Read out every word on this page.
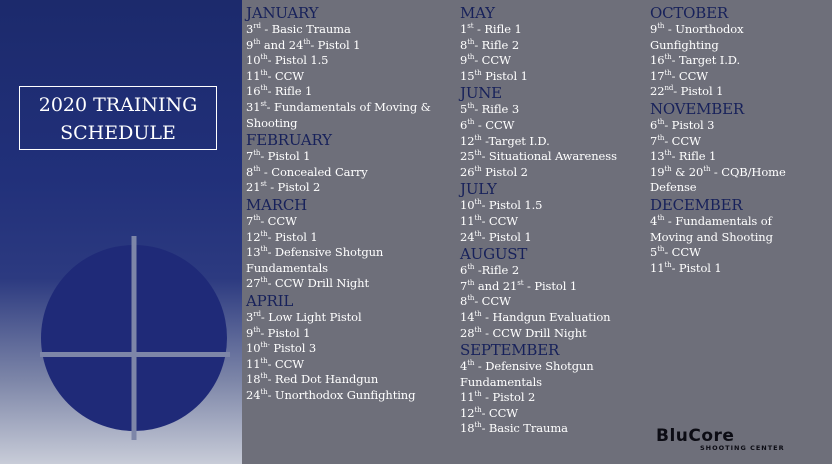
2020 TRAINING
SCHEDULE
JANUARY
3rd - Basic Trauma
9th and 24th- Pistol 1
10th- Pistol 1.5
11th- CCW
16th- Rifle 1
31st- Fundamentals of Moving &
Shooting
FEBRUARY
7th- Pistol 1
8th - Concealed Carry
21st - Pistol 2
MARCH
7th- CCW
12th- Pistol 1
13th- Defensive Shotgun
Fundamentals
27th- CCW Drill Night
APRIL
3rd- Low Light Pistol
9th- Pistol 1
$10^{th-}$ Pistol 3
11th- CCW
18th- Red Dot Handgun
24th- Unorthodox Gunfighting
MAY
1st - Rifle 1
8th- Rifle 2
9th- CCW
15th Pistol 1
JUNE
5th- Rifle 3
6th - CCW
12th -Target I.D.
25th- Situational Awareness
26th Pistol 2
JULY
10th- Pistol 1.5
11th- CCW
24th- Pistol 1
AUGUST
6th -Rifle 2
7th and 21st - Pistol 1
8th- CCW
14th - Handgun Evaluation
28th - CCW Drill Night
SEPTEMBER
4th - Defensive Shotgun
Fundamentals
11th - Pistol 2
12th- CCW
18th- Basic Trauma
OCTOBER
9th - Unorthodox
Gunfighting
16th- Target I.D.
17th- CCW
22nd- Pistol 1
NOVEMBER
6th- Pistol 3
7th- CCW
13th- Rifle 1
19th & 20th - CQB/Home
Defense
DECEMBER
4th - Fundamentals of
Moving and Shooting
5th- CCW
11th- Pistol 1
BluCore
SHOOTING CENTER
